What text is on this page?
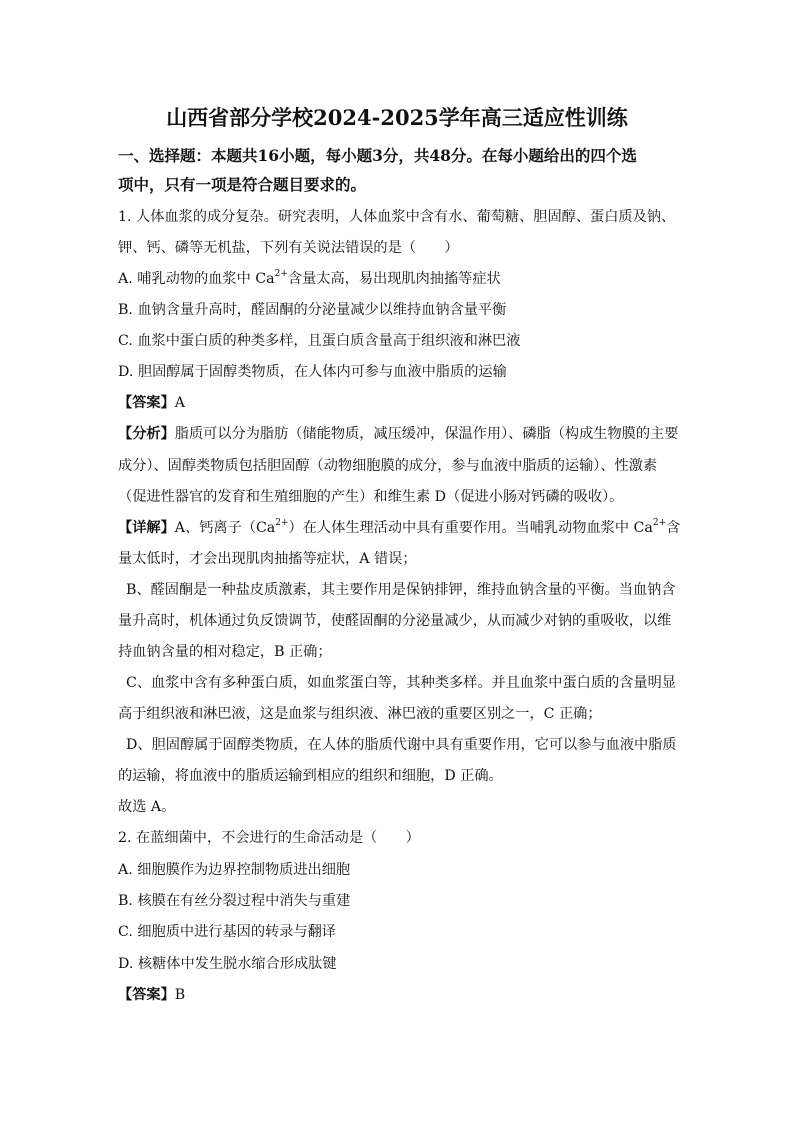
山西省部分学校2024-2025学年高三适应性训练
一、选择题：本题共16小题，每小题3分，共48分。在每小题给出的四个选
项中，只有一项是符合题目要求的。
1. 人体血浆的成分复杂。研究表明，人体血浆中含有水、葡萄糖、胆固醇、蛋白质及钠、
钾、钙、磷等无机盐，下列有关说法错误的是（　　）
A. 哺乳动物的血浆中 $Ca^{2+}$含量太高，易出现肌肉抽搐等症状
B. 血钠含量升高时，醛固酮的分泌量减少以维持血钠含量平衡
C. 血浆中蛋白质的种类多样，且蛋白质含量高于组织液和淋巴液
D. 胆固醇属于固醇类物质，在人体内可参与血液中脂质的运输
【答案】A
【分析】脂质可以分为脂肪（储能物质，减压缓冲，保温作用）、磷脂（构成生物膜的主要
成分）、固醇类物质包括胆固醇（动物细胞膜的成分，参与血液中脂质的运输）、性激素
（促进性器官的发育和生殖细胞的产生）和维生素 D（促进小肠对钙磷的吸收）。
【详解】A、钙离子$(Ca^{2+})$在人体生理活动中具有重要作用。当哺乳动物血浆中 $Ca^{2+}$含
量太低时，才会出现肌肉抽搐等症状，A 错误；
B、醛固酮是一种盐皮质激素，其主要作用是保钠排钾，维持血钠含量的平衡。当血钠含
量升高时，机体通过负反馈调节，使醛固酮的分泌量减少，从而减少对钠的重吸收，以维
持血钠含量的相对稳定，B 正确；
C、血浆中含有多种蛋白质，如血浆蛋白等，其种类多样。并且血浆中蛋白质的含量明显
高于组织液和淋巴液，这是血浆与组织液、淋巴液的重要区别之一，C 正确；
D、胆固醇属于固醇类物质，在人体的脂质代谢中具有重要作用，它可以参与血液中脂质
的运输，将血液中的脂质运输到相应的组织和细胞，D 正确。
故选 A。
2. 在蓝细菌中，不会进行的生命活动是（　　）
A. 细胞膜作为边界控制物质进出细胞
B. 核膜在有丝分裂过程中消失与重建
C. 细胞质中进行基因的转录与翻译
D. 核糖体中发生脱水缩合形成肽键
【答案】B
